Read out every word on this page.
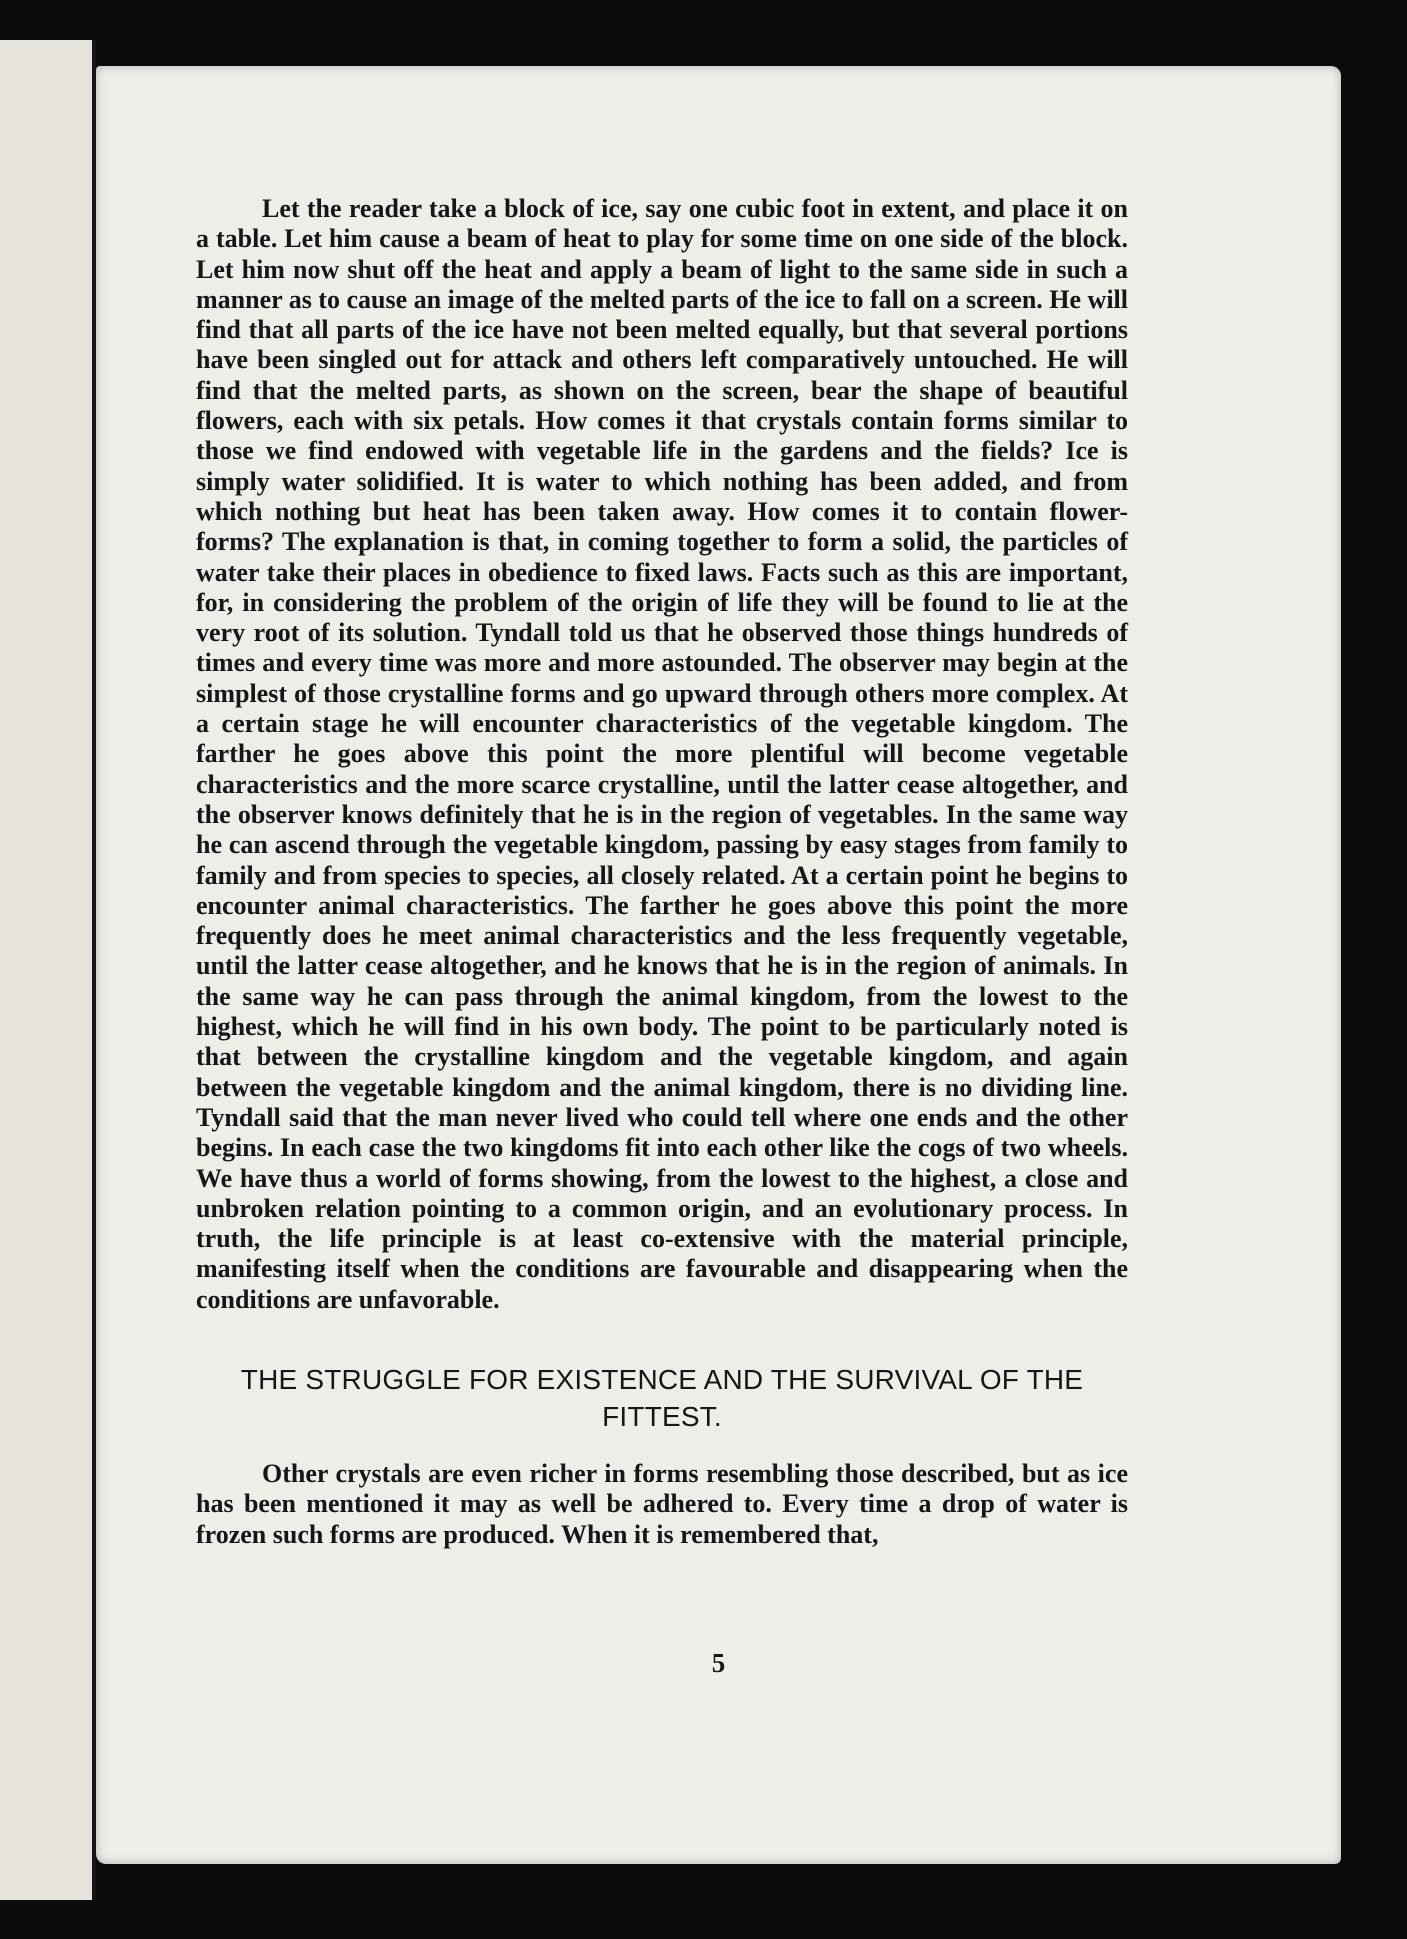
Let the reader take a block of ice, say one cubic foot in extent, and place it on a table. Let him cause a beam of heat to play for some time on one side of the block. Let him now shut off the heat and apply a beam of light to the same side in such a manner as to cause an image of the melted parts of the ice to fall on a screen. He will find that all parts of the ice have not been melted equally, but that several portions have been singled out for attack and others left comparatively untouched. He will find that the melted parts, as shown on the screen, bear the shape of beautiful flowers, each with six petals. How comes it that crystals contain forms similar to those we find endowed with vegetable life in the gardens and the fields? Ice is simply water solidified. It is water to which nothing has been added, and from which nothing but heat has been taken away. How comes it to contain flower-forms? The explanation is that, in coming together to form a solid, the particles of water take their places in obedience to fixed laws. Facts such as this are important, for, in considering the problem of the origin of life they will be found to lie at the very root of its solution. Tyndall told us that he observed those things hundreds of times and every time was more and more astounded. The observer may begin at the simplest of those crystalline forms and go upward through others more complex. At a certain stage he will encounter characteristics of the vegetable kingdom. The farther he goes above this point the more plentiful will become vegetable characteristics and the more scarce crystalline, until the latter cease altogether, and the observer knows definitely that he is in the region of vegetables. In the same way he can ascend through the vegetable kingdom, passing by easy stages from family to family and from species to species, all closely related. At a certain point he begins to encounter animal characteristics. The farther he goes above this point the more frequently does he meet animal characteristics and the less frequently vegetable, until the latter cease altogether, and he knows that he is in the region of animals. In the same way he can pass through the animal kingdom, from the lowest to the highest, which he will find in his own body. The point to be particularly noted is that between the crystalline kingdom and the vegetable kingdom, and again between the vegetable kingdom and the animal kingdom, there is no dividing line. Tyndall said that the man never lived who could tell where one ends and the other begins. In each case the two kingdoms fit into each other like the cogs of two wheels. We have thus a world of forms showing, from the lowest to the highest, a close and unbroken relation pointing to a common origin, and an evolutionary process. In truth, the life principle is at least co-extensive with the material principle, manifesting itself when the conditions are favourable and disappearing when the conditions are unfavorable.

THE STRUGGLE FOR EXISTENCE AND THE SURVIVAL OF THE FITTEST.

Other crystals are even richer in forms resembling those described, but as ice has been mentioned it may as well be adhered to. Every time a drop of water is frozen such forms are produced. When it is remembered that,

5
